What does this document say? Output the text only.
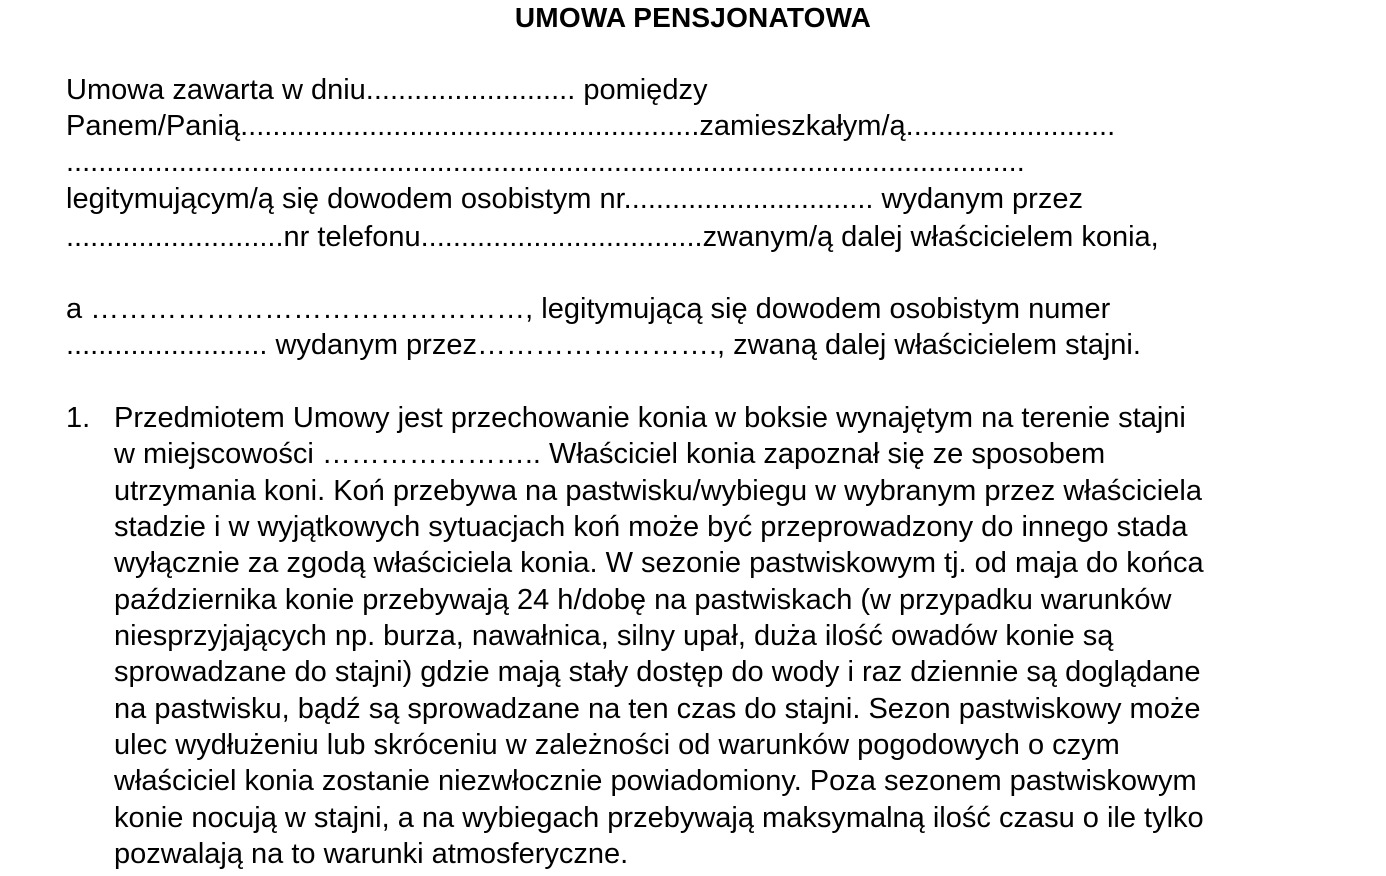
UMOWA PENSJONATOWA
Umowa zawarta w dniu.......................... pomiędzy
Panem/Panią.........................................................zamieszkałym/ą..........................
.......................................................................................................................
legitymującym/ą się dowodem osobistym nr............................... wydanym przez
...........................nr telefonu...................................zwanym/ą dalej właścicielem konia,
a ………………………………………, legitymującą się dowodem osobistym numer
......................... wydanym przez……………………., zwaną dalej właścicielem stajni.
1. Przedmiotem Umowy jest przechowanie konia w boksie wynajętym na terenie stajni
w miejscowości ………………….. Właściciel konia zapoznał się ze sposobem
utrzymania koni. Koń przebywa na pastwisku/wybiegu w wybranym przez właściciela
stadzie i w wyjątkowych sytuacjach koń może być przeprowadzony do innego stada
wyłącznie za zgodą właściciela konia. W sezonie pastwiskowym tj. od maja do końca
października konie przebywają 24 h/dobę na pastwiskach (w przypadku warunków
niesprzyjających np. burza, nawałnica, silny upał, duża ilość owadów konie są
sprowadzane do stajni) gdzie mają stały dostęp do wody i raz dziennie są doglądane
na pastwisku, bądź są sprowadzane na ten czas do stajni. Sezon pastwiskowy może
ulec wydłużeniu lub skróceniu w zależności od warunków pogodowych o czym
właściciel konia zostanie niezwłocznie powiadomiony. Poza sezonem pastwiskowym
konie nocują w stajni, a na wybiegach przebywają maksymalną ilość czasu o ile tylko
pozwalają na to warunki atmosferyczne.
